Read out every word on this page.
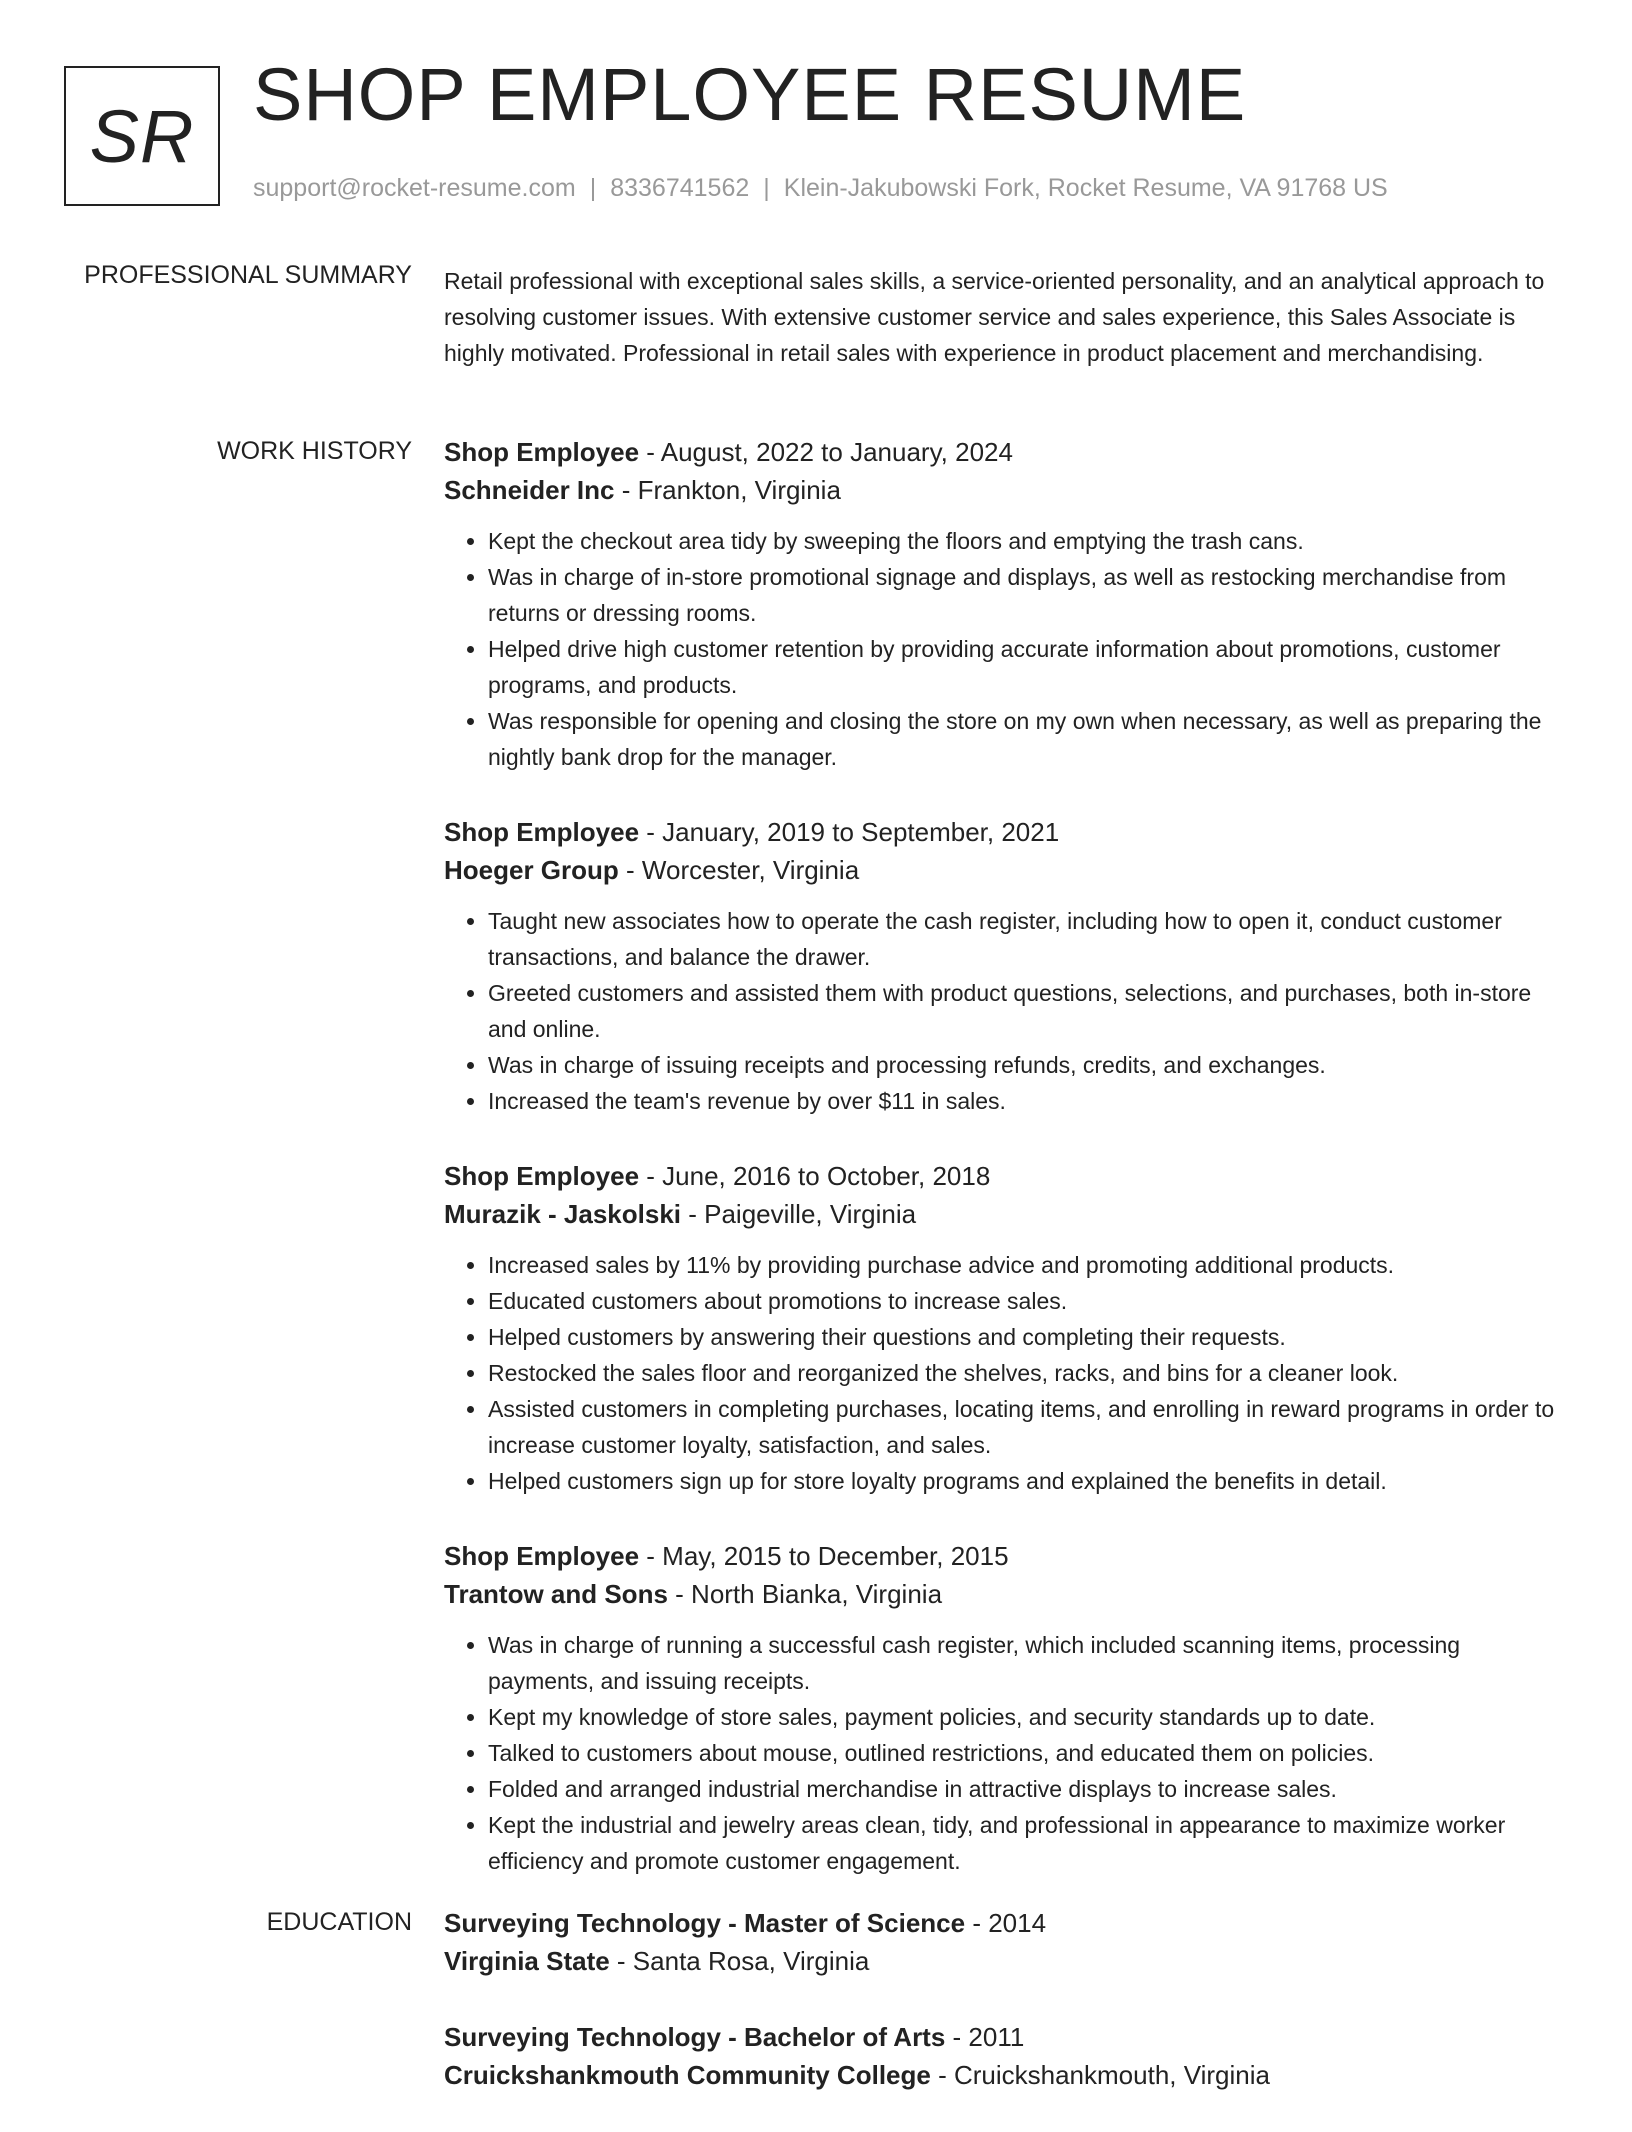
SR SHOP EMPLOYEE RESUME
support@rocket-resume.com | 8336741562 | Klein-Jakubowski Fork, Rocket Resume, VA 91768 US
PROFESSIONAL SUMMARY Retail professional with exceptional sales skills, a service-oriented personality, and an analytical approach to resolving customer issues. With extensive customer service and sales experience, this Sales Associate is highly motivated. Professional in retail sales with experience in product placement and merchandising.

WORK HISTORY Shop Employee - August, 2022 to January, 2024
Schneider Inc - Frankton, Virginia
• Kept the checkout area tidy by sweeping the floors and emptying the trash cans.
• Was in charge of in-store promotional signage and displays, as well as restocking merchandise from returns or dressing rooms.
• Helped drive high customer retention by providing accurate information about promotions, customer programs, and products.
• Was responsible for opening and closing the store on my own when necessary, as well as preparing the nightly bank drop for the manager.
Shop Employee - January, 2019 to September, 2021
Hoeger Group - Worcester, Virginia
• Taught new associates how to operate the cash register, including how to open it, conduct customer transactions, and balance the drawer.
• Greeted customers and assisted them with product questions, selections, and purchases, both in-store and online.
• Was in charge of issuing receipts and processing refunds, credits, and exchanges.
• Increased the team's revenue by over $11 in sales.
Shop Employee - June, 2016 to October, 2018
Murazik - Jaskolski - Paigeville, Virginia
• Increased sales by 11% by providing purchase advice and promoting additional products.
• Educated customers about promotions to increase sales.
• Helped customers by answering their questions and completing their requests.
• Restocked the sales floor and reorganized the shelves, racks, and bins for a cleaner look.
• Assisted customers in completing purchases, locating items, and enrolling in reward programs in order to increase customer loyalty, satisfaction, and sales.
• Helped customers sign up for store loyalty programs and explained the benefits in detail.
Shop Employee - May, 2015 to December, 2015
Trantow and Sons - North Bianka, Virginia
• Was in charge of running a successful cash register, which included scanning items, processing payments, and issuing receipts.
• Kept my knowledge of store sales, payment policies, and security standards up to date.
• Talked to customers about mouse, outlined restrictions, and educated them on policies.
• Folded and arranged industrial merchandise in attractive displays to increase sales.
• Kept the industrial and jewelry areas clean, tidy, and professional in appearance to maximize worker efficiency and promote customer engagement.
EDUCATION Surveying Technology - Master of Science - 2014
Virginia State - Santa Rosa, Virginia
Surveying Technology - Bachelor of Arts - 2011
Cruickshankmouth Community College - Cruickshankmouth, Virginia
